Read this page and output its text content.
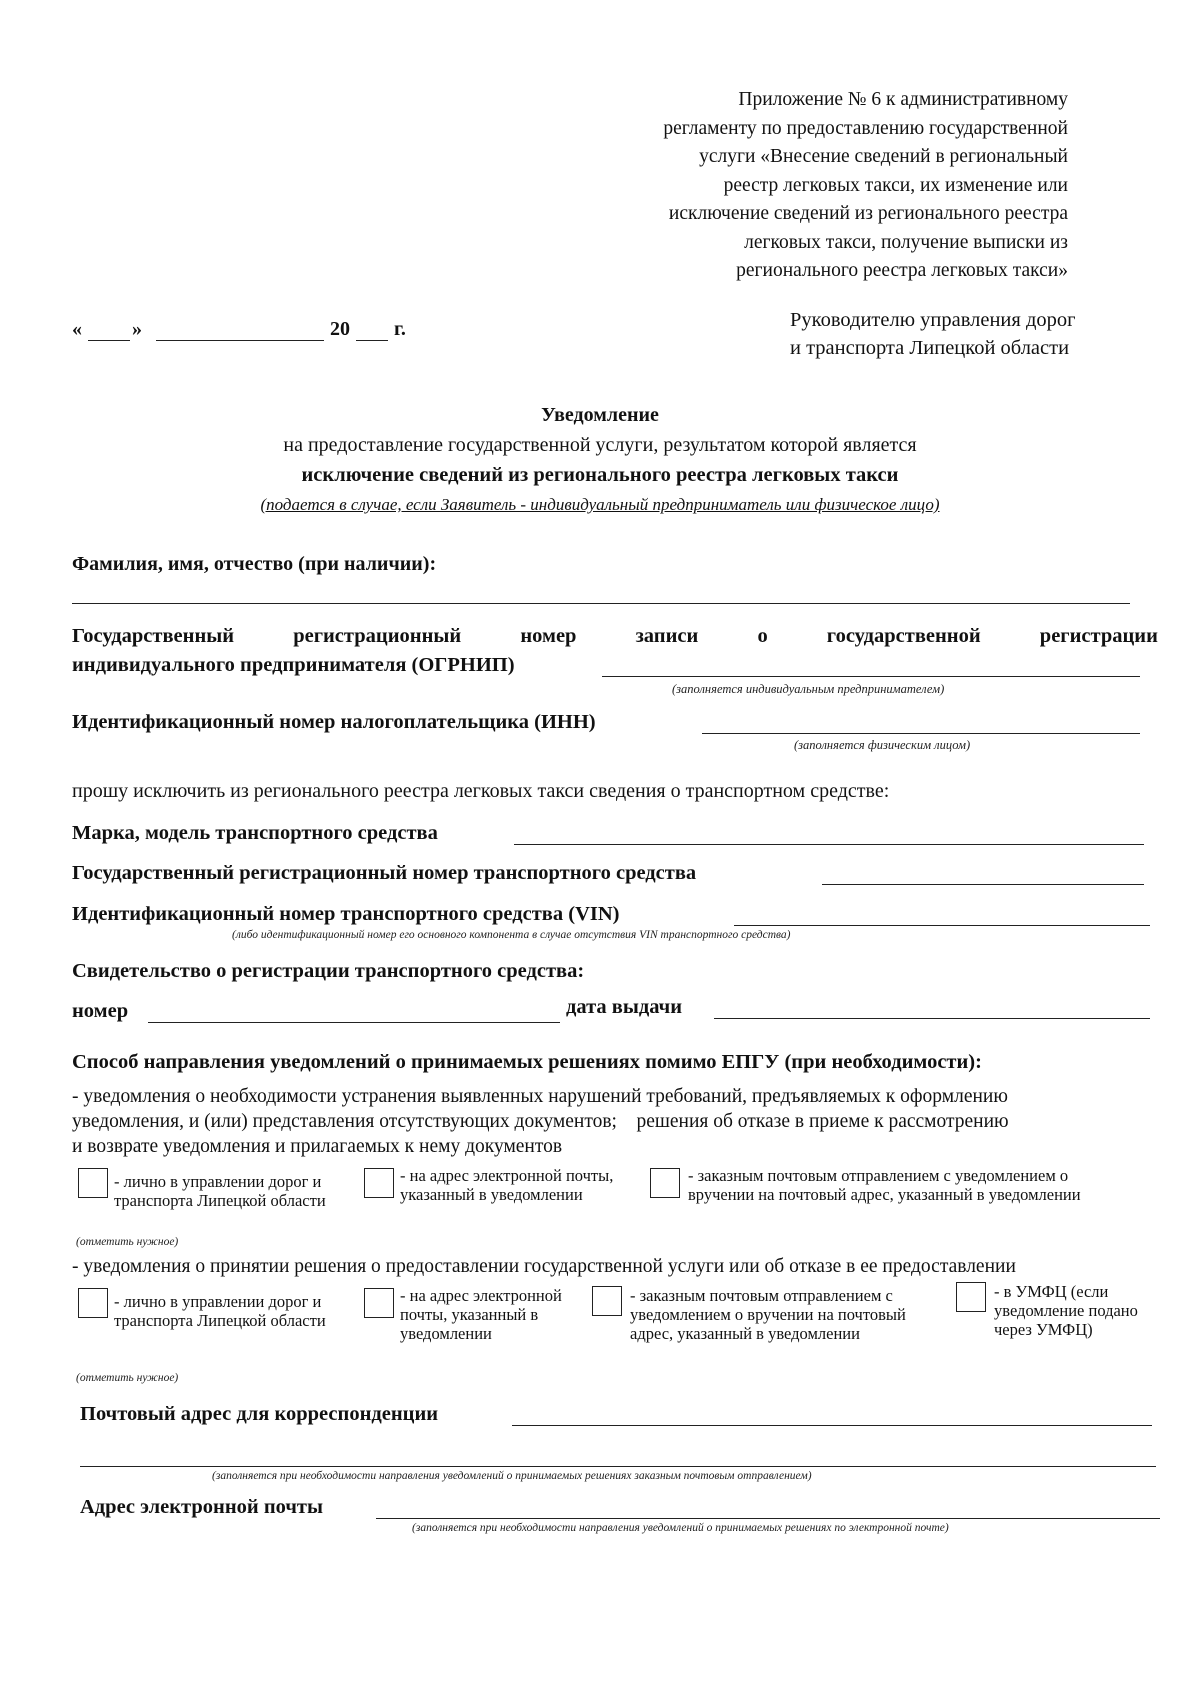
Приложение № 6 к административному
регламенту по предоставлению государственной
услуги «Внесение сведений в региональный
реестр легковых такси, их изменение или
исключение сведений из регионального реестра
легковых такси, получение выписки из
регионального реестра легковых такси»
«	»	20 г.	Руководителю управления дорог
и транспорта Липецкой области
Уведомление
на предоставление государственной услуги, результатом которой является
исключение сведений из регионального реестра легковых такси
(подается в случае, если Заявитель - индивидуальный предприниматель или физическое лицо)
Фамилия, имя, отчество (при наличии):
Государственный	регистрационный	номер	записи	о	государственной	регистрации
индивидуального предпринимателя (ОГРНИП)
(заполняется индивидуальным предпринимателем)
Идентификационный номер налогоплательщика (ИНН)
(заполняется физическим лицом)
прошу исключить из регионального реестра легковых такси сведения о транспортном средстве:
Марка, модель транспортного средства
Государственный регистрационный номер транспортного средства
Идентификационный номер транспортного средства (VIN)
(либо идентификационный номер его основного компонента в случае отсутствия VIN транспортного средства)
Свидетельство о регистрации транспортного средства:
номер	дата выдачи
Способ направления уведомлений о принимаемых решениях помимо ЕПГУ (при необходимости):
- уведомления о необходимости устранения выявленных нарушений требований, предъявляемых к оформлению
уведомления, и (или) представления отсутствующих документов;    решения об отказе в приеме к рассмотрению
и возврате уведомления и прилагаемых к нему документов
- лично в управлении дорог и
транспорта Липецкой области
- на адрес электронной почты,
указанный в уведомлении
- заказным почтовым отправлением с уведомлением о
вручении на почтовый адрес, указанный в уведомлении
(отметить нужное)
- уведомления о принятии решения о предоставлении государственной услуги или об отказе в ее предоставлении
- лично в управлении дорог и
транспорта Липецкой области
- на адрес электронной
почты, указанный в
уведомлении
- заказным почтовым отправлением с
уведомлением о вручении на почтовый
адрес, указанный в уведомлении
- в УМФЦ (если
уведомление подано
через УМФЦ)
(отметить нужное)
Почтовый адрес для корреспонденции
(заполняется при необходимости направления уведомлений о принимаемых решениях заказным почтовым отправлением)
Адрес электронной почты
(заполняется при необходимости направления уведомлений о принимаемых решениях по электронной почте)
